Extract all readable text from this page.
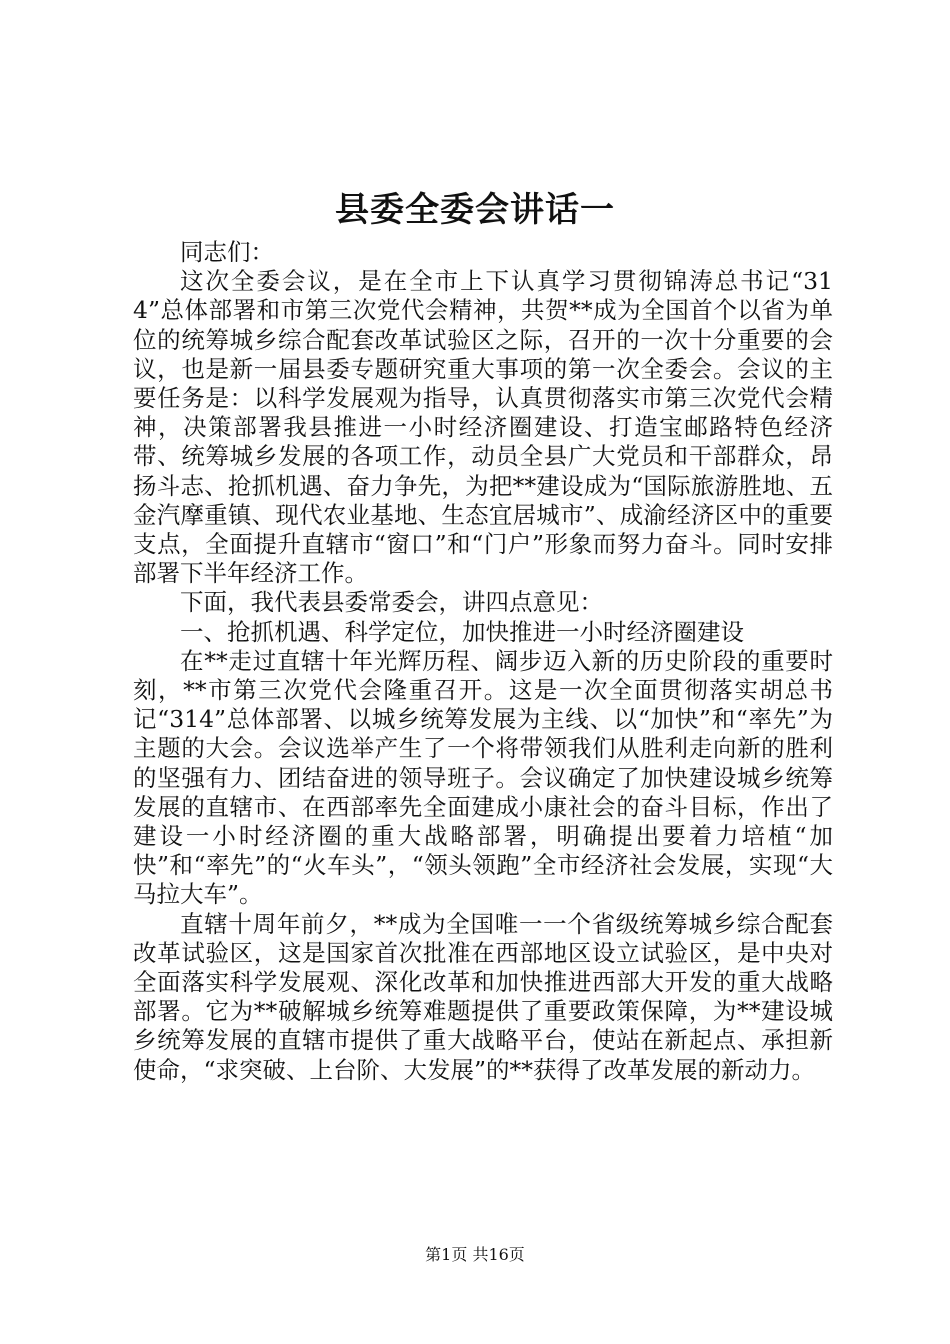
县委全委会讲话一

同志们：

这次全委会议，是在全市上下认真学习贯彻锦涛总书记“314”总体部署和市第三次党代会精神，共贺**成为全国首个以省为单位的统筹城乡综合配套改革试验区之际，召开的一次十分重要的会议，也是新一届县委专题研究重大事项的第一次全委会。会议的主要任务是：以科学发展观为指导，认真贯彻落实市第三次党代会精神，决策部署我县推进一小时经济圈建设、打造宝邮路特色经济带、统筹城乡发展的各项工作，动员全县广大党员和干部群众，昂扬斗志、抢抓机遇、奋力争先，为把**建设成为“国际旅游胜地、五金汽摩重镇、现代农业基地、生态宜居城市”、成渝经济区中的重要支点，全面提升直辖市“窗口”和“门户”形象而努力奋斗。同时安排部署下半年经济工作。

下面，我代表县委常委会，讲四点意见：

一、抢抓机遇、科学定位，加快推进一小时经济圈建设

在**走过直辖十年光辉历程、阔步迈入新的历史阶段的重要时刻，**市第三次党代会隆重召开。这是一次全面贯彻落实胡总书记“314”总体部署、以城乡统筹发展为主线、以“加快”和“率先”为主题的大会。会议选举产生了一个将带领我们从胜利走向新的胜利的坚强有力、团结奋进的领导班子。会议确定了加快建设城乡统筹发展的直辖市、在西部率先全面建成小康社会的奋斗目标，作出了建设一小时经济圈的重大战略部署，明确提出要着力培植“加快”和“率先”的“火车头”，“领头领跑”全市经济社会发展，实现“大马拉大车”。

直辖十周年前夕，**成为全国唯一一个省级统筹城乡综合配套改革试验区，这是国家首次批准在西部地区设立试验区，是中央对全面落实科学发展观、深化改革和加快推进西部大开发的重大战略部署。它为**破解城乡统筹难题提供了重要政策保障，为**建设城乡统筹发展的直辖市提供了重大战略平台，使站在新起点、承担新使命，“求突破、上台阶、大发展”的**获得了改革发展的新动力。

第1页 共16页
